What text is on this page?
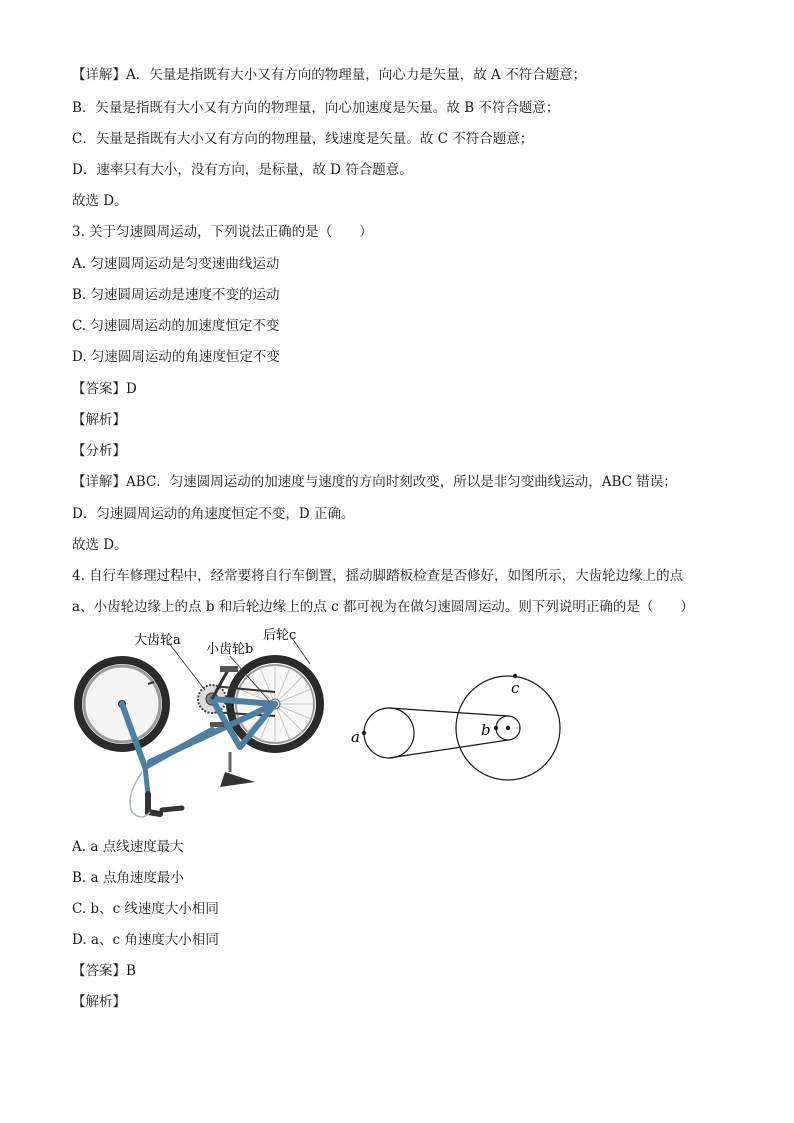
【详解】A．矢量是指既有大小又有方向的物理量，向心力是矢量，故 A 不符合题意；
B．矢量是指既有大小又有方向的物理量，向心加速度是矢量。故 B 不符合题意；
C．矢量是指既有大小又有方向的物理量，线速度是矢量。故 C 不符合题意；
D．速率只有大小，没有方向，是标量，故 D 符合题意。
故选 D。
3. 关于匀速圆周运动，下列说法正确的是（　　）
A. 匀速圆周运动是匀变速曲线运动
B. 匀速圆周运动是速度不变的运动
C. 匀速圆周运动的加速度恒定不变
D. 匀速圆周运动的角速度恒定不变
【答案】D
【解析】
【分析】
【详解】ABC．匀速圆周运动的加速度与速度的方向时刻改变，所以是非匀变曲线运动，ABC 错误；
D．匀速圆周运动的角速度恒定不变，D 正确。
故选 D。
4. 自行车修理过程中，经常要将自行车倒置，摇动脚踏板检查是否修好，如图所示，大齿轮边缘上的点
a、小齿轮边缘上的点 b 和后轮边缘上的点 c 都可视为在做匀速圆周运动。则下列说明正确的是（　　）
大齿轮a
小齿轮b
后轮c
a	b
c
A. a 点线速度最大
B. a 点角速度最小
C. b、c 线速度大小相同
D. a、c 角速度大小相同
【答案】B
【解析】
